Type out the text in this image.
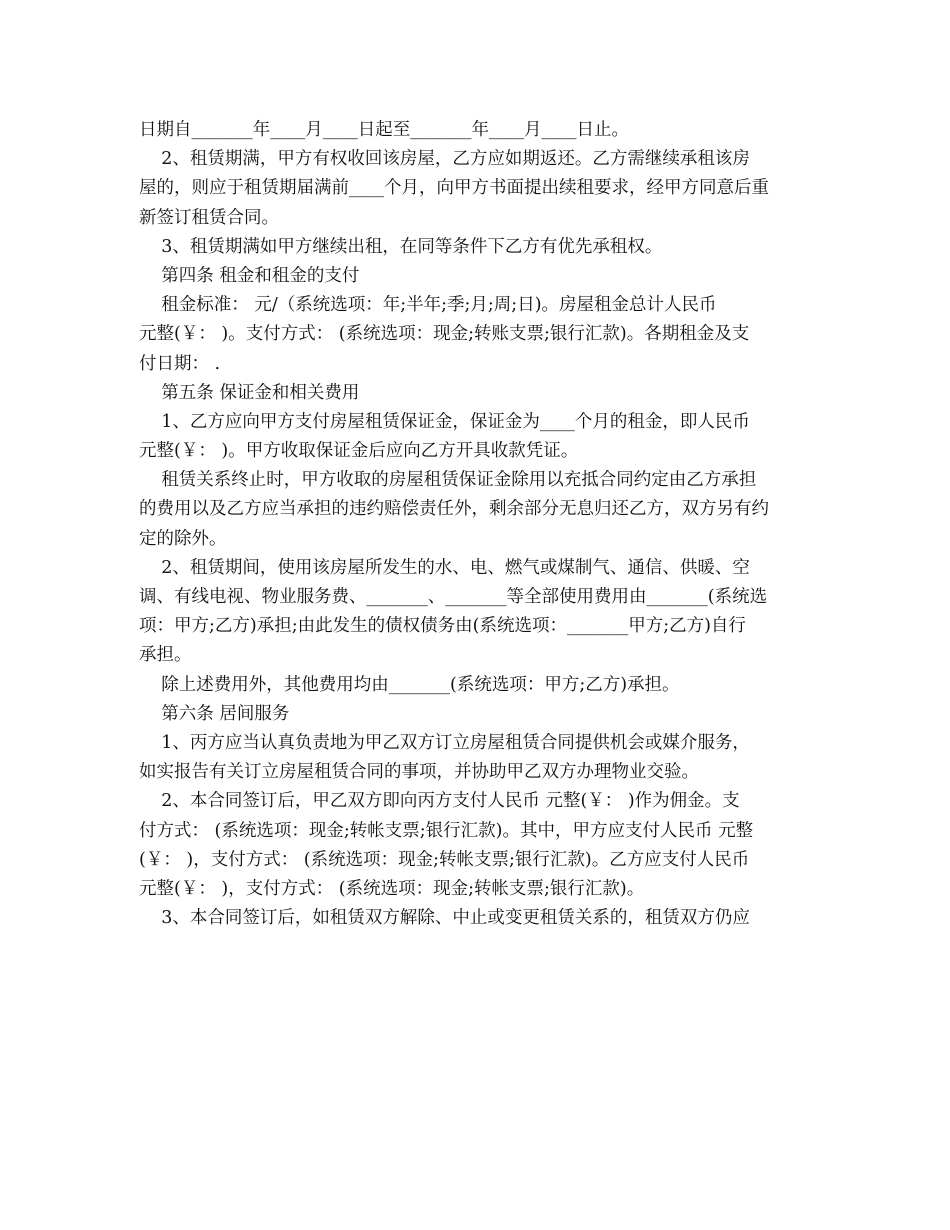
日期自_______年____月____日起至_______年____月____日止。
2、租赁期满，甲方有权收回该房屋，乙方应如期返还。乙方需继续承租该房
屋的，则应于租赁期届满前____个月，向甲方书面提出续租要求，经甲方同意后重
新签订租赁合同。
3、租赁期满如甲方继续出租，在同等条件下乙方有优先承租权。
第四条 租金和租金的支付
租金标准： 元/（系统选项：年;半年;季;月;周;日)。房屋租金总计人民币
元整(￥： )。支付方式： (系统选项：现金;转账支票;银行汇款)。各期租金及支
付日期： .
第五条 保证金和相关费用
1、乙方应向甲方支付房屋租赁保证金，保证金为____个月的租金，即人民币
元整(￥： )。甲方收取保证金后应向乙方开具收款凭证。
租赁关系终止时，甲方收取的房屋租赁保证金除用以充抵合同约定由乙方承担
的费用以及乙方应当承担的违约赔偿责任外，剩余部分无息归还乙方，双方另有约
定的除外。
2、租赁期间，使用该房屋所发生的水、电、燃气或煤制气、通信、供暖、空
调、有线电视、物业服务费、_______、_______等全部使用费用由_______(系统选
项：甲方;乙方)承担;由此发生的债权债务由(系统选项：_______甲方;乙方)自行
承担。
除上述费用外，其他费用均由_______(系统选项：甲方;乙方)承担。
第六条 居间服务
1、丙方应当认真负责地为甲乙双方订立房屋租赁合同提供机会或媒介服务，
如实报告有关订立房屋租赁合同的事项，并协助甲乙双方办理物业交验。
2、本合同签订后，甲乙双方即向丙方支付人民币 元整(￥： )作为佣金。支
付方式： (系统选项：现金;转帐支票;银行汇款)。其中，甲方应支付人民币 元整
(￥： )，支付方式： (系统选项：现金;转帐支票;银行汇款)。乙方应支付人民币
元整(￥： )，支付方式： (系统选项：现金;转帐支票;银行汇款)。
3、本合同签订后，如租赁双方解除、中止或变更租赁关系的，租赁双方仍应
